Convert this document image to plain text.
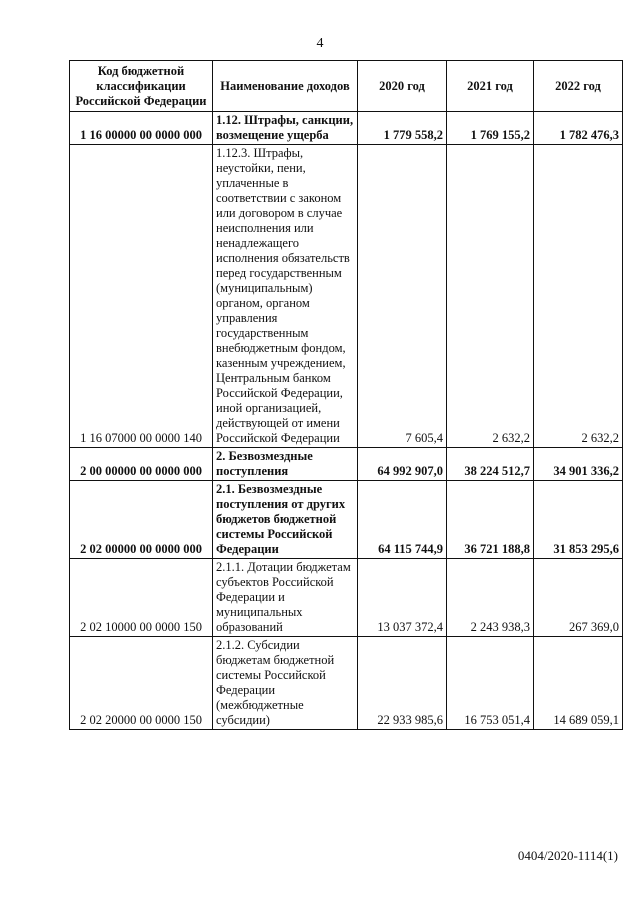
4
Код бюджетной классификации Российской Федерации	Наименование доходов	2020 год	2021 год	2022 год
1 16 00000 00 0000 000	1.12. Штрафы, санкции, возмещение ущерба	1 779 558,2	1 769 155,2	1 782 476,3
1 16 07000 00 0000 140	1.12.3. Штрафы, неустойки, пени, уплаченные в соответствии с законом или договором в случае неисполнения или ненадлежащего исполнения обязательств перед государственным (муниципальным) органом, органом управления государственным внебюджетным фондом, казенным учреждением, Центральным банком Российской Федерации, иной организацией, действующей от имени Российской Федерации	7 605,4	2 632,2	2 632,2
2 00 00000 00 0000 000	2. Безвозмездные поступления	64 992 907,0	38 224 512,7	34 901 336,2
2 02 00000 00 0000 000	2.1. Безвозмездные поступления от других бюджетов бюджетной системы Российской Федерации	64 115 744,9	36 721 188,8	31 853 295,6
2 02 10000 00 0000 150	2.1.1. Дотации бюджетам субъектов Российской Федерации и муниципальных образований	13 037 372,4	2 243 938,3	267 369,0
2 02 20000 00 0000 150	2.1.2. Субсидии бюджетам бюджетной системы Российской Федерации (межбюджетные субсидии)	22 933 985,6	16 753 051,4	14 689 059,1
0404/2020-1114(1)
